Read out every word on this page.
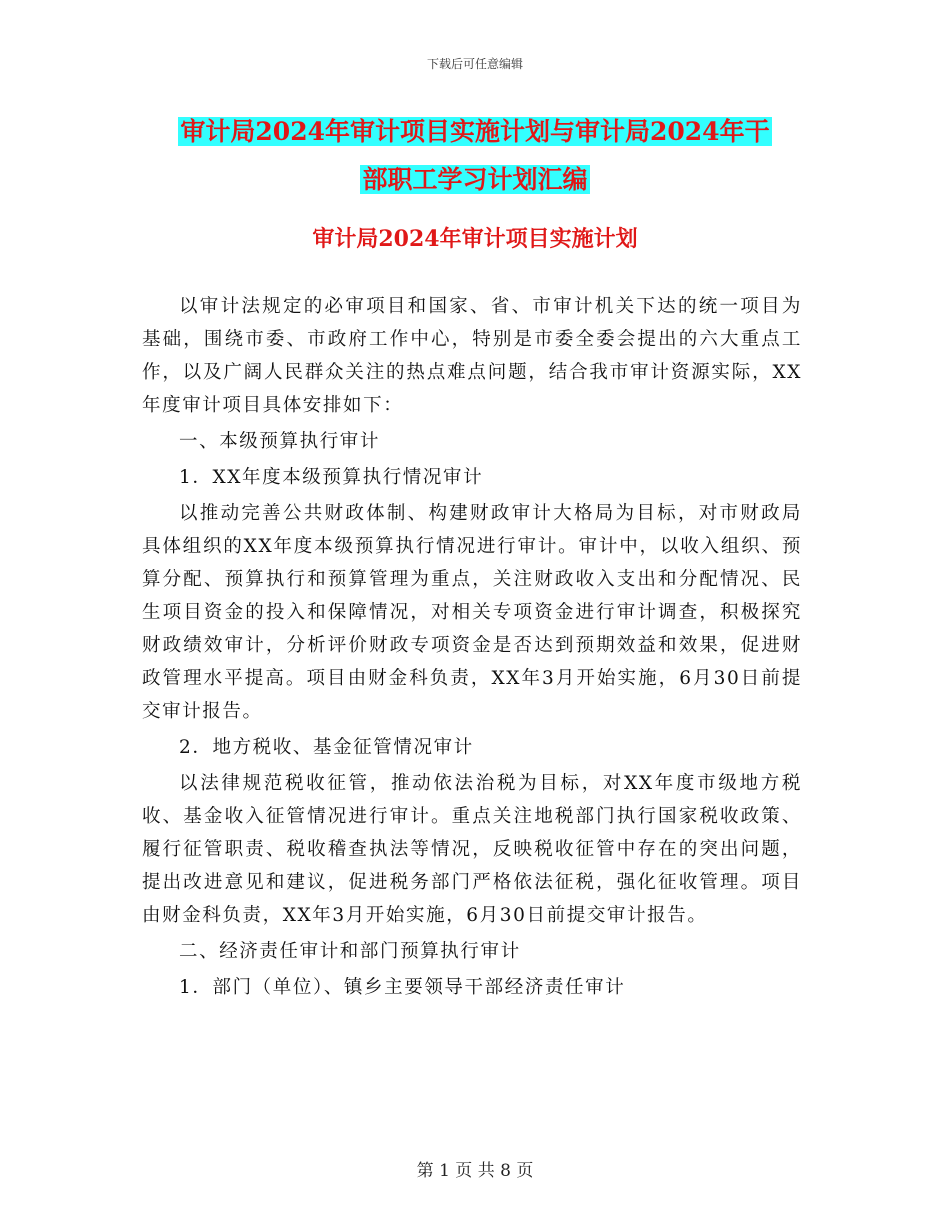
下载后可任意编辑
审计局2024年审计项目实施计划与审计局2024年干
部职工学习计划汇编
审计局2024年审计项目实施计划

以审计法规定的必审项目和国家、省、市审计机关下达的统一项目为基础，围绕市委、市政府工作中心，特别是市委全委会提出的六大重点工作，以及广阔人民群众关注的热点难点问题，结合我市审计资源实际，XX年度审计项目具体安排如下：

一、本级预算执行审计

1．XX年度本级预算执行情况审计

以推动完善公共财政体制、构建财政审计大格局为目标，对市财政局具体组织的XX年度本级预算执行情况进行审计。审计中，以收入组织、预算分配、预算执行和预算管理为重点，关注财政收入支出和分配情况、民生项目资金的投入和保障情况，对相关专项资金进行审计调查，积极探究财政绩效审计，分析评价财政专项资金是否达到预期效益和效果，促进财政管理水平提高。项目由财金科负责，XX年3月开始实施，6月30日前提交审计报告。

2．地方税收、基金征管情况审计

以法律规范税收征管，推动依法治税为目标，对XX年度市级地方税收、基金收入征管情况进行审计。重点关注地税部门执行国家税收政策、履行征管职责、税收稽查执法等情况，反映税收征管中存在的突出问题，提出改进意见和建议，促进税务部门严格依法征税，强化征收管理。项目由财金科负责，XX年3月开始实施，6月30日前提交审计报告。

二、经济责任审计和部门预算执行审计

1．部门（单位）、镇乡主要领导干部经济责任审计

第 1 页 共 8 页
